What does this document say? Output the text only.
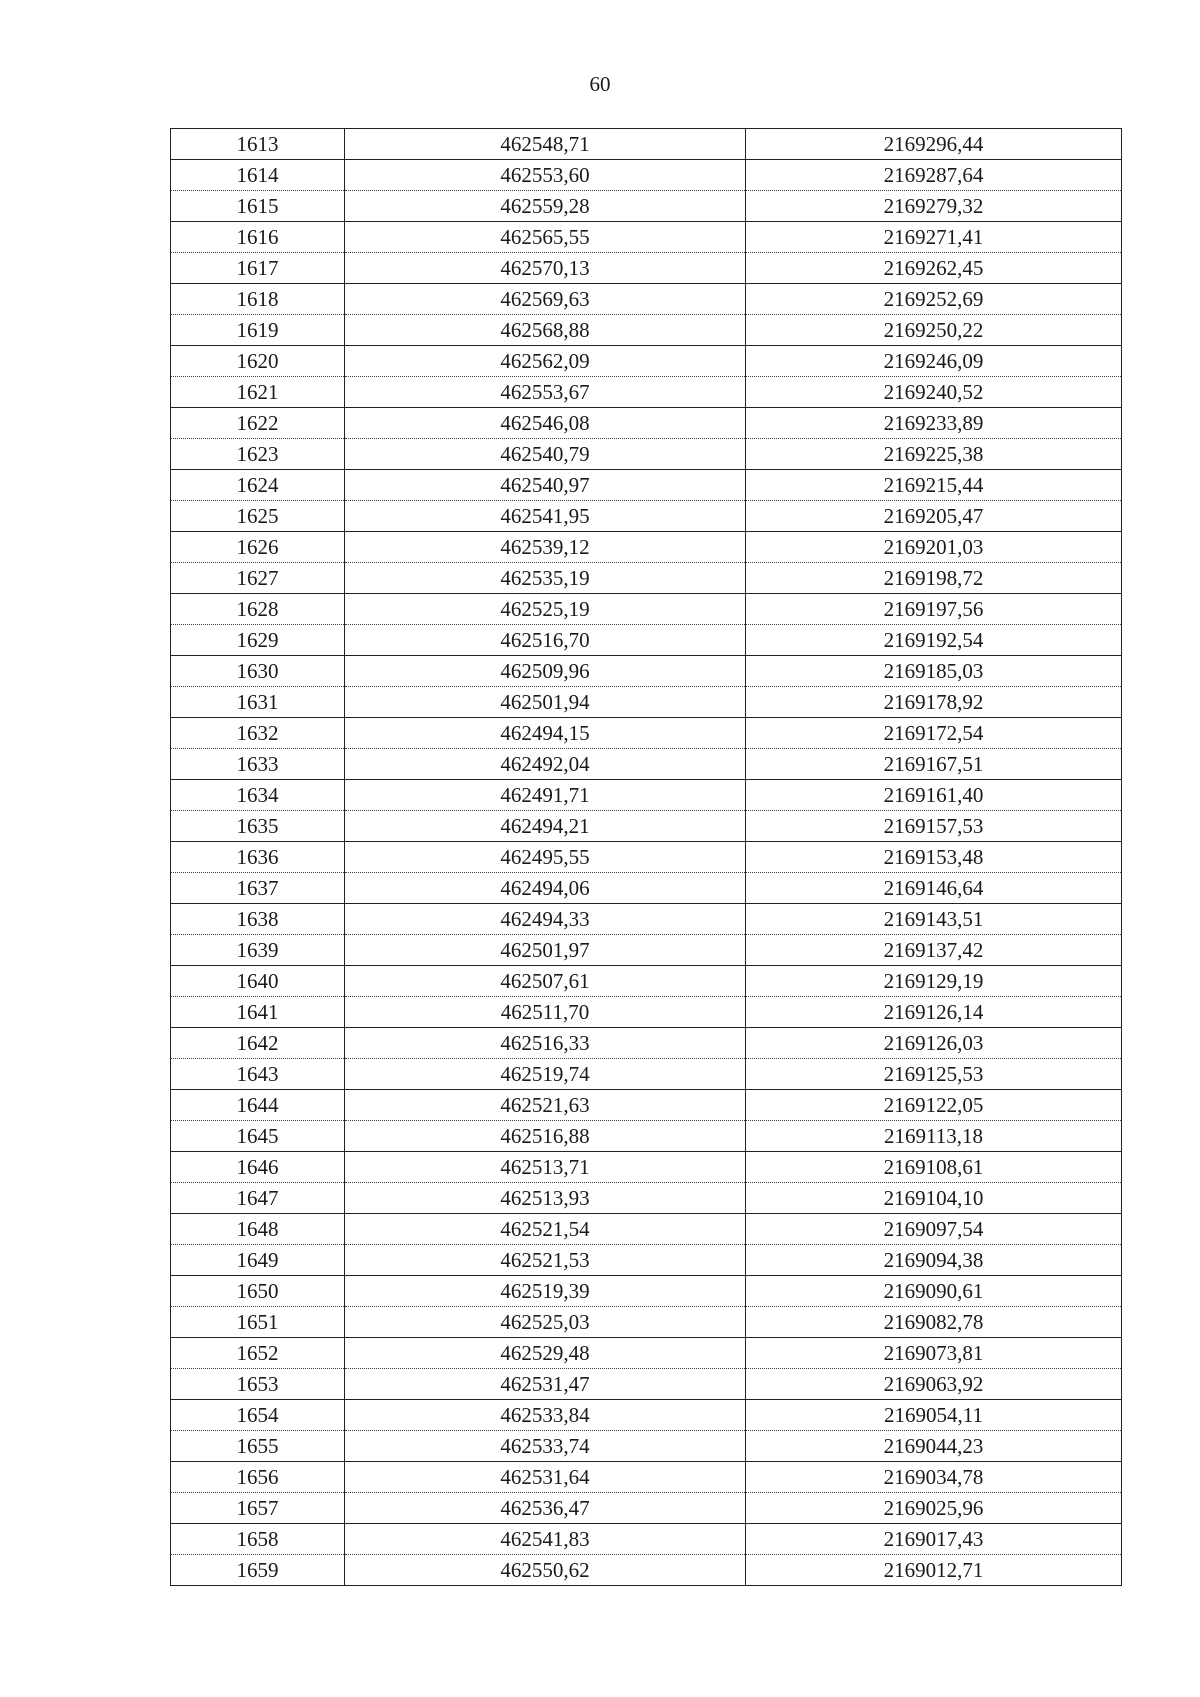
60
1613	462548,71	2169296,44
1614	462553,60	2169287,64
1615	462559,28	2169279,32
1616	462565,55	2169271,41
1617	462570,13	2169262,45
1618	462569,63	2169252,69
1619	462568,88	2169250,22
1620	462562,09	2169246,09
1621	462553,67	2169240,52
1622	462546,08	2169233,89
1623	462540,79	2169225,38
1624	462540,97	2169215,44
1625	462541,95	2169205,47
1626	462539,12	2169201,03
1627	462535,19	2169198,72
1628	462525,19	2169197,56
1629	462516,70	2169192,54
1630	462509,96	2169185,03
1631	462501,94	2169178,92
1632	462494,15	2169172,54
1633	462492,04	2169167,51
1634	462491,71	2169161,40
1635	462494,21	2169157,53
1636	462495,55	2169153,48
1637	462494,06	2169146,64
1638	462494,33	2169143,51
1639	462501,97	2169137,42
1640	462507,61	2169129,19
1641	462511,70	2169126,14
1642	462516,33	2169126,03
1643	462519,74	2169125,53
1644	462521,63	2169122,05
1645	462516,88	2169113,18
1646	462513,71	2169108,61
1647	462513,93	2169104,10
1648	462521,54	2169097,54
1649	462521,53	2169094,38
1650	462519,39	2169090,61
1651	462525,03	2169082,78
1652	462529,48	2169073,81
1653	462531,47	2169063,92
1654	462533,84	2169054,11
1655	462533,74	2169044,23
1656	462531,64	2169034,78
1657	462536,47	2169025,96
1658	462541,83	2169017,43
1659	462550,62	2169012,71
